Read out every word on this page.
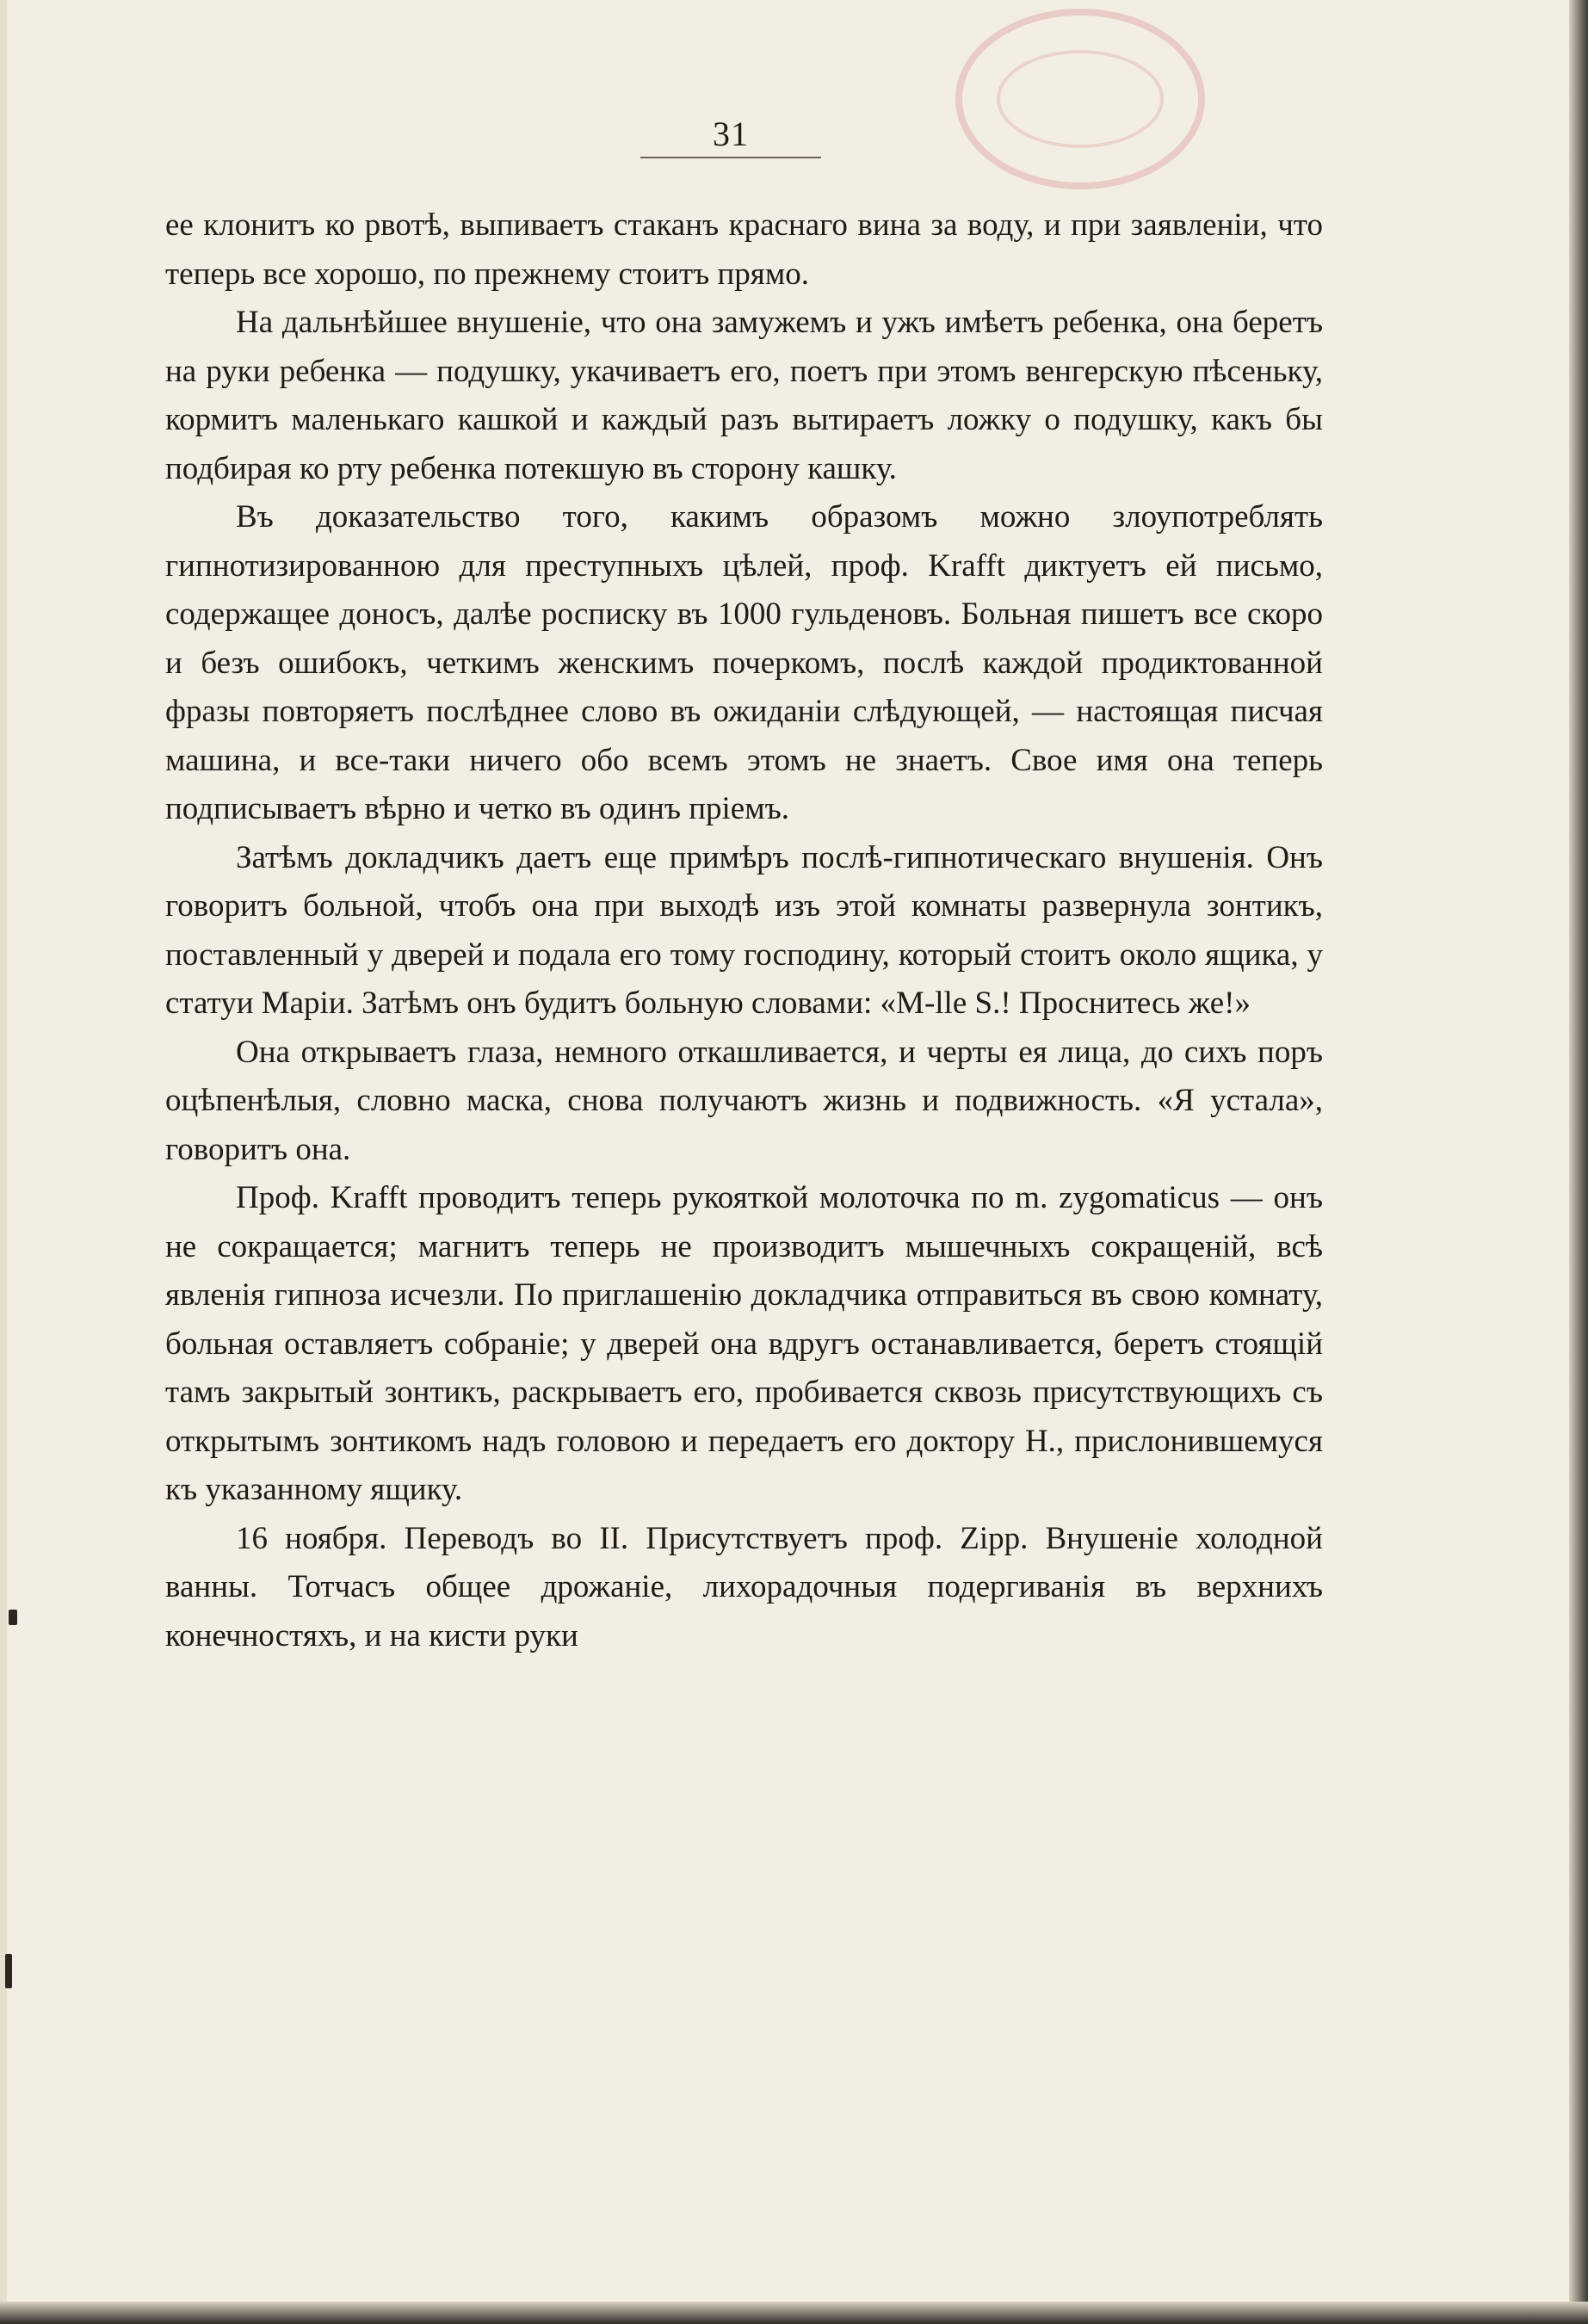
31

ее клонитъ ко рвотѣ, выпиваетъ стаканъ краснаго вина за воду, и при заявленіи, что теперь все хорошо, по прежнему стоитъ прямо.

На дальнѣйшее внушеніе, что она замужемъ и ужъ имѣетъ ребенка, она беретъ на руки ребенка — подушку, укачиваетъ его, поетъ при этомъ венгерскую пѣсеньку, кормитъ маленькаго кашкой и каждый разъ вытираетъ ложку о подушку, какъ бы подбирая ко рту ребенка потекшую въ сторону кашку.

Въ доказательство того, какимъ образомъ можно злоупотреблять гипнотизированною для преступныхъ цѣлей, проф. Krafft диктуетъ ей письмо, содержащее доносъ, далѣе росписку въ 1000 гульденовъ. Больная пишетъ все скоро и безъ ошибокъ, четкимъ женскимъ почеркомъ, послѣ каждой продиктованной фразы повторяетъ послѣднее слово въ ожиданіи слѣдующей, — настоящая писчая машина, и все-таки ничего обо всемъ этомъ не знаетъ. Свое имя она теперь подписываетъ вѣрно и четко въ одинъ пріемъ.

Затѣмъ докладчикъ даетъ еще примѣръ послѣ-гипнотическаго внушенія. Онъ говоритъ больной, чтобъ она при выходѣ изъ этой комнаты развернула зонтикъ, поставленный у дверей и подала его тому господину, который стоитъ около ящика, у статуи Маріи. Затѣмъ онъ будитъ больную словами: «M-lle S.! Проснитесь же!»

Она открываетъ глаза, немного откашливается, и черты ея лица, до сихъ поръ оцѣпенѣлыя, словно маска, снова получаютъ жизнь и подвижность. «Я устала», говоритъ она.

Проф. Krafft проводитъ теперь рукояткой молоточка по m. zygomaticus — онъ не сокращается; магнитъ теперь не производитъ мышечныхъ сокращеній, всѣ явленія гипноза исчезли. По приглашенію докладчика отправиться въ свою комнату, больная оставляетъ собраніе; у дверей она вдругъ останавливается, беретъ стоящій тамъ закрытый зонтикъ, раскрываетъ его, пробивается сквозь присутствующихъ съ открытымъ зонтикомъ надъ головою и передаетъ его доктору Н., прислонившемуся къ указанному ящику.

16 ноября. Переводъ во II. Присутствуетъ проф. Zipp. Внушеніе холодной ванны. Тотчасъ общее дрожаніе, лихорадочныя подергиванія въ верхнихъ конечностяхъ, и на кисти руки
